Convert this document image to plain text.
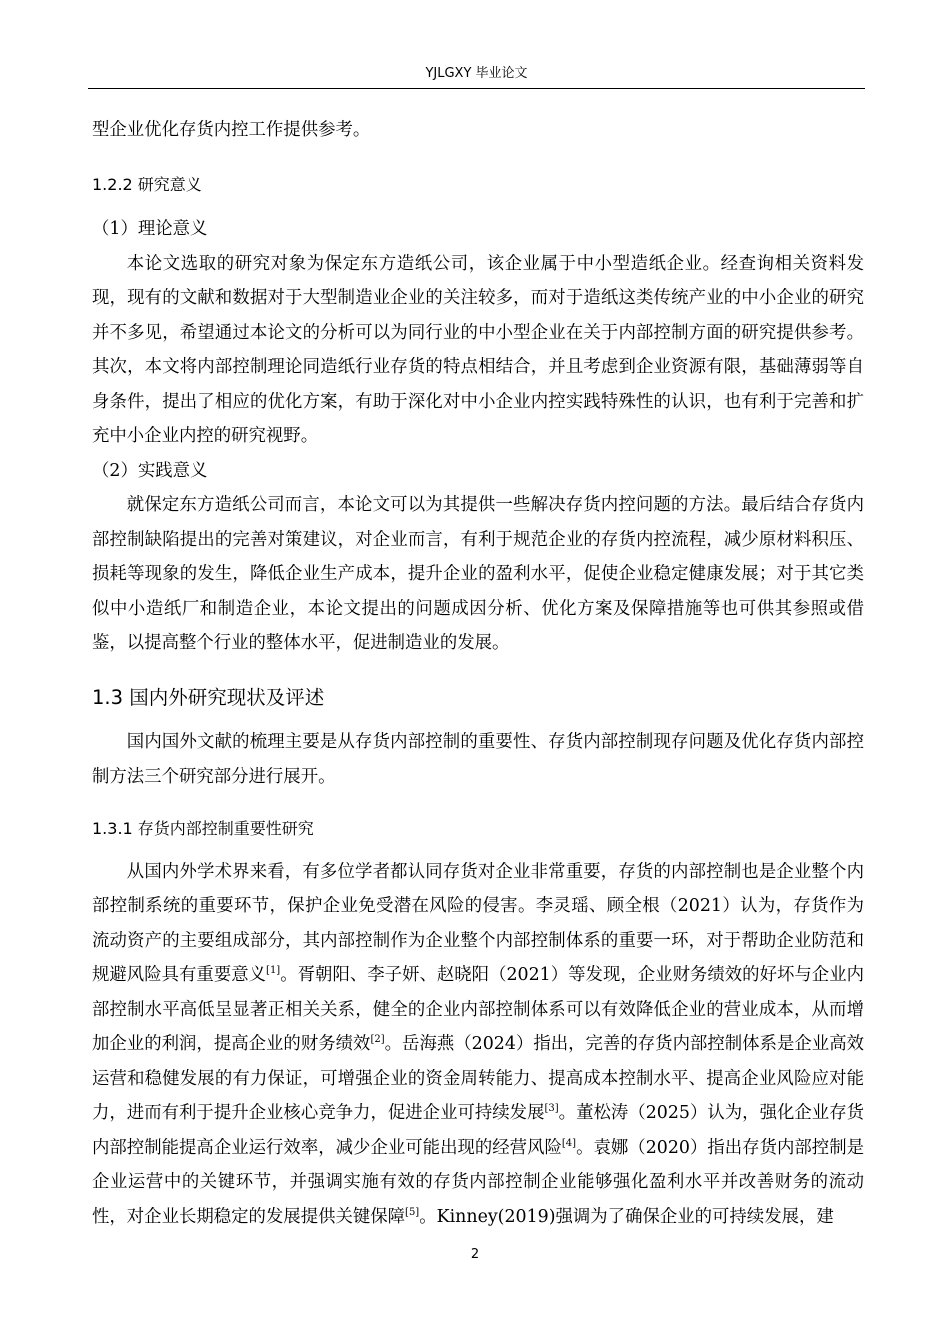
YJLGXY 毕业论文

型企业优化存货内控工作提供参考。

1.2.2 研究意义

（1）理论意义

本论文选取的研究对象为保定东方造纸公司，该企业属于中小型造纸企业。经查询相关资料发现，现有的文献和数据对于大型制造业企业的关注较多，而对于造纸这类传统产业的中小企业的研究并不多见，希望通过本论文的分析可以为同行业的中小型企业在关于内部控制方面的研究提供参考。其次，本文将内部控制理论同造纸行业存货的特点相结合，并且考虑到企业资源有限，基础薄弱等自身条件，提出了相应的优化方案，有助于深化对中小企业内控实践特殊性的认识，也有利于完善和扩充中小企业内控的研究视野。

（2）实践意义

就保定东方造纸公司而言，本论文可以为其提供一些解决存货内控问题的方法。最后结合存货内部控制缺陷提出的完善对策建议，对企业而言，有利于规范企业的存货内控流程，减少原材料积压、损耗等现象的发生，降低企业生产成本，提升企业的盈利水平，促使企业稳定健康发展；对于其它类似中小造纸厂和制造企业，本论文提出的问题成因分析、优化方案及保障措施等也可供其参照或借鉴，以提高整个行业的整体水平，促进制造业的发展。

1.3 国内外研究现状及评述

国内国外文献的梳理主要是从存货内部控制的重要性、存货内部控制现存问题及优化存货内部控制方法三个研究部分进行展开。

1.3.1 存货内部控制重要性研究

从国内外学术界来看，有多位学者都认同存货对企业非常重要，存货的内部控制也是企业整个内部控制系统的重要环节，保护企业免受潜在风险的侵害。李灵瑶、顾全根（2021）认为，存货作为流动资产的主要组成部分，其内部控制作为企业整个内部控制体系的重要一环，对于帮助企业防范和规避风险具有重要意义[1]。胥朝阳、李子妍、赵晓阳（2021）等发现，企业财务绩效的好坏与企业内部控制水平高低呈显著正相关关系，健全的企业内部控制体系可以有效降低企业的营业成本，从而增加企业的利润，提高企业的财务绩效[2]。岳海燕（2024）指出，完善的存货内部控制体系是企业高效运营和稳健发展的有力保证，可增强企业的资金周转能力、提高成本控制水平、提高企业风险应对能力，进而有利于提升企业核心竞争力，促进企业可持续发展[3]。董松涛（2025）认为，强化企业存货内部控制能提高企业运行效率，减少企业可能出现的经营风险[4]。袁娜（2020）指出存货内部控制是企业运营中的关键环节，并强调实施有效的存货内部控制企业能够强化盈利水平并改善财务的流动性，对企业长期稳定的发展提供关键保障[5]。Kinney(2019)强调为了确保企业的可持续发展，建

2
